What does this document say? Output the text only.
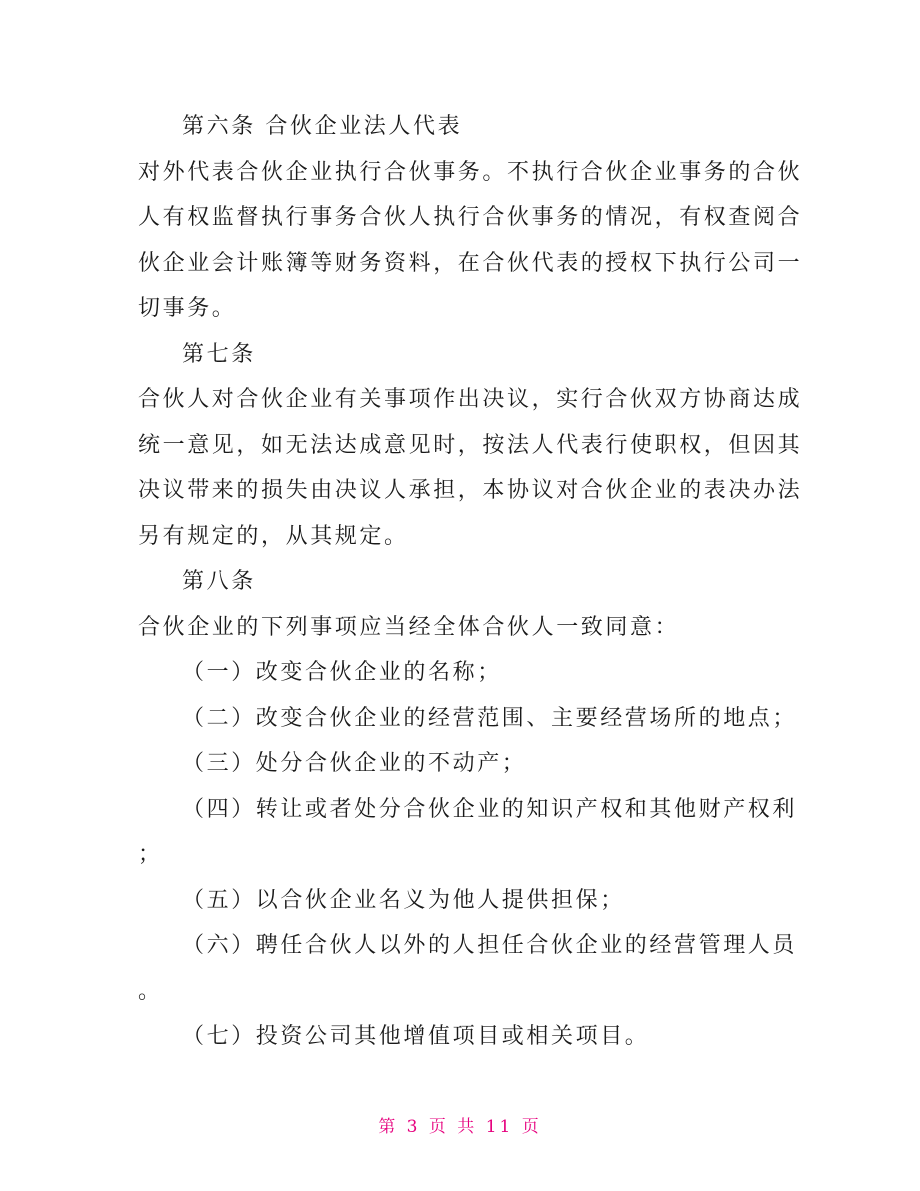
第六条 合伙企业法人代表
对外代表合伙企业执行合伙事务。不执行合伙企业事务的合伙
人有权监督执行事务合伙人执行合伙事务的情况，有权查阅合
伙企业会计账簿等财务资料，在合伙代表的授权下执行公司一
切事务。
第七条
合伙人对合伙企业有关事项作出决议，实行合伙双方协商达成
统一意见，如无法达成意见时，按法人代表行使职权，但因其
决议带来的损失由决议人承担，本协议对合伙企业的表决办法
另有规定的，从其规定。
第八条
合伙企业的下列事项应当经全体合伙人一致同意：
（一）改变合伙企业的名称；
（二）改变合伙企业的经营范围、主要经营场所的地点；
（三）处分合伙企业的不动产；
（四）转让或者处分合伙企业的知识产权和其他财产权利
；
（五）以合伙企业名义为他人提供担保；
（六）聘任合伙人以外的人担任合伙企业的经营管理人员
。
（七）投资公司其他增值项目或相关项目。
第 3 页 共 11 页
